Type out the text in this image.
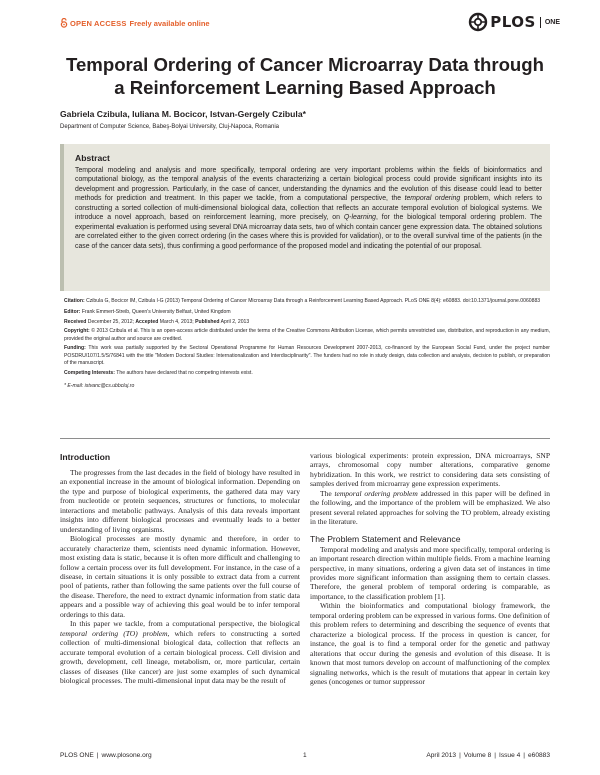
OPEN ACCESS Freely available online	PLOS ONE
Temporal Ordering of Cancer Microarray Data through a Reinforcement Learning Based Approach
Gabriela Czibula, Iuliana M. Bocicor, Istvan-Gergely Czibula*
Department of Computer Science, Babeş-Bolyai University, Cluj-Napoca, Romania
Abstract

Temporal modeling and analysis and more specifically, temporal ordering are very important problems within the fields of bioinformatics and computational biology, as the temporal analysis of the events characterizing a certain biological process could provide significant insights into its development and progression. Particularly, in the case of cancer, understanding the dynamics and the evolution of this disease could lead to better methods for prediction and treatment. In this paper we tackle, from a computational perspective, the temporal ordering problem, which refers to constructing a sorted collection of multi-dimensional biological data, collection that reflects an accurate temporal evolution of biological systems. We introduce a novel approach, based on reinforcement learning, more precisely, on Q-learning, for the biological temporal ordering problem. The experimental evaluation is performed using several DNA microarray data sets, two of which contain cancer gene expression data. The obtained solutions are correlated either to the given correct ordering (in the cases where this is provided for validation), or to the overall survival time of the patients (in the case of the cancer data sets), thus confirming a good performance of the proposed model and indicating the potential of our proposal.

Citation: Czibula G, Bocicor IM, Czibula I-G (2013) Temporal Ordering of Cancer Microarray Data through a Reinforcement Learning Based Approach. PLoS ONE 8(4): e60883. doi:10.1371/journal.pone.0060883

Editor: Frank Emmert-Streib, Queen's University Belfast, United Kingdom

Received December 25, 2012; Accepted March 4, 2013; Published April 2, 2013

Copyright: © 2013 Czibula et al. This is an open-access article distributed under the terms of the Creative Commons Attribution License, which permits unrestricted use, distribution, and reproduction in any medium, provided the original author and source are credited.

Funding: This work was partially supported by the Sectoral Operational Programme for Human Resources Development 2007-2013, co-financed by the European Social Fund, under the project number POSDRU/107/1.5/S/76841 with the title "Modern Doctoral Studies: Internationalization and Interdisciplinarity". The funders had no role in study design, data collection and analysis, decision to publish, or preparation of the manuscript.

Competing Interests: The authors have declared that no competing interests exist.

* E-mail: istvanc@cs.ubbcluj.ro

Introduction

The progresses from the last decades in the field of biology have resulted in an exponential increase in the amount of biological information. Depending on the type and purpose of biological experiments, the gathered data may vary from nucleotide or protein sequences, structures or functions, to molecular interactions and metabolic pathways. Analysis of this data reveals important insights into different biological processes and eventually leads to a better understanding of living organisms.

Biological processes are mostly dynamic and therefore, in order to accurately characterize them, scientists need dynamic information. However, most existing data is static, because it is often more difficult and challenging to follow a certain process over its full development. For instance, in the case of a disease, in certain situations it is only possible to extract data from a current pool of patients, rather than following the same patients over the full course of the disease. Therefore, the need to extract dynamic information from static data appears and a possible way of achieving this goal would be to infer temporal orderings to this data.

In this paper we tackle, from a computational perspective, the biological temporal ordering (TO) problem, which refers to constructing a sorted collection of multi-dimensional biological data, collection that reflects an accurate temporal evolution of a certain biological process. Cell division and growth, development, cell lineage, metabolism, or, more particular, certain classes of diseases (like cancer) are just some examples of such dynamical biological processes. The multi-dimensional input data may be the result of

various biological experiments: protein expression, DNA microarrays, SNP arrays, chromosomal copy number alterations, comparative genome hybridization. In this work, we restrict to considering data sets consisting of samples derived from microarray gene expression experiments.

The temporal ordering problem addressed in this paper will be defined in the following, and the importance of the problem will be emphasized. We also present several related approaches for solving the TO problem, already existing in the literature.

The Problem Statement and Relevance

Temporal modeling and analysis and more specifically, temporal ordering is an important research direction within multiple fields. From a machine learning perspective, in many situations, ordering a given data set of instances in time provides more significant information than assigning them to certain classes. Therefore, the general problem of temporal ordering is comparable, as importance, to the classification problem [1].

Within the bioinformatics and computational biology framework, the temporal ordering problem can be expressed in various forms. One definition of this problem refers to determining and describing the sequence of events that characterize a biological process. If the process in question is cancer, for instance, the goal is to find a temporal order for the genetic and pathway alterations that occur during the genesis and evolution of this disease. It is known that most tumors develop on account of malfunctioning of the complex signaling networks, which is the result of mutations that appear in certain key genes (oncogenes or tumor suppressor

PLOS ONE | www.plosone.org	1	April 2013 | Volume 8 | Issue 4 | e60883
